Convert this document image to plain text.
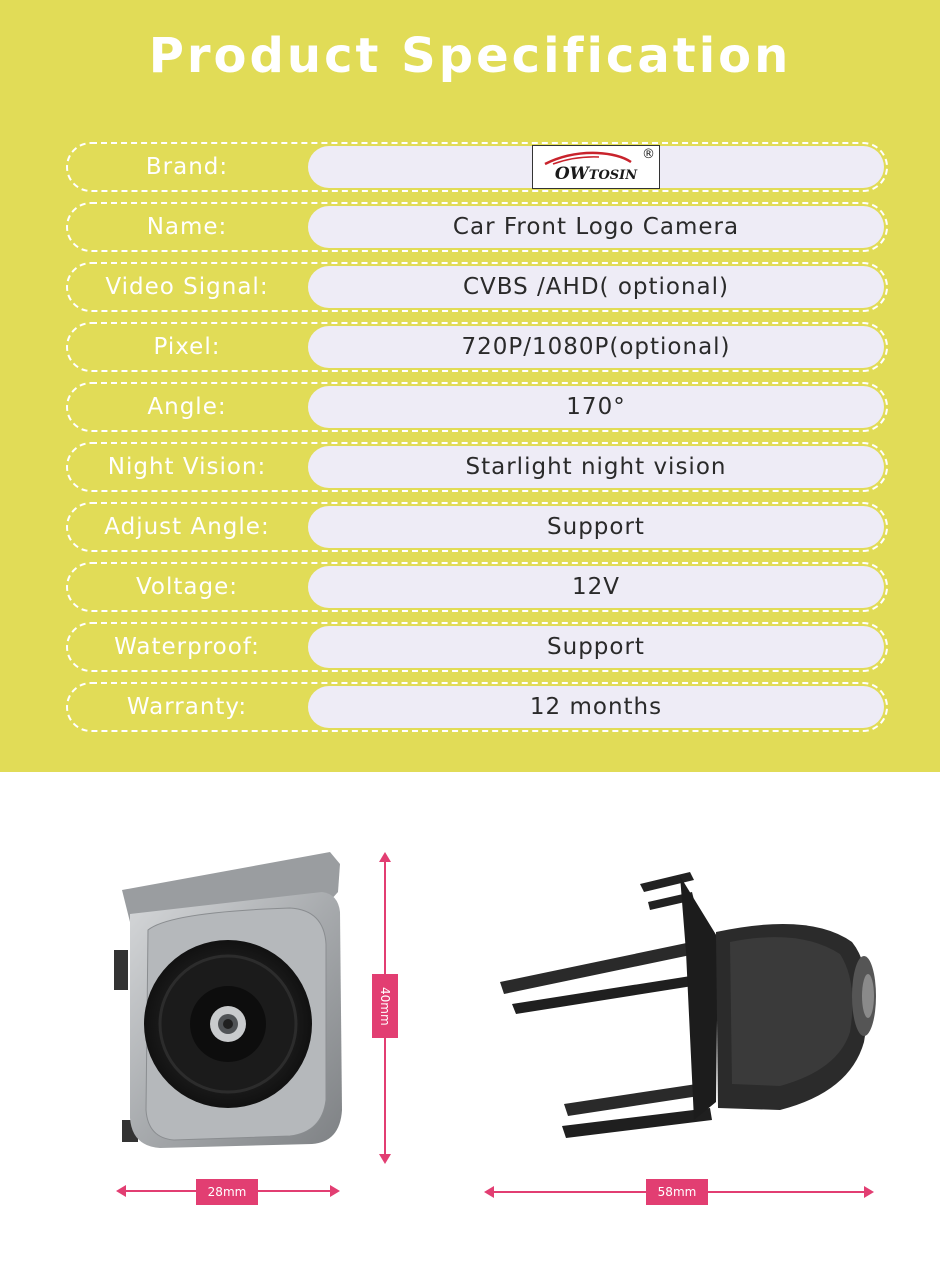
Product Specification
Brand:	OW TOSIN
®
Name:	Car Front Logo Camera
Video Signal:	CVBS /AHD( optional)
Pixel:	720P/1080P(optional)
Angle:	170°
Night Vision:	Starlight night vision
Adjust Angle:	Support
Voltage:	12V
Waterproof:	Support
Warranty:	12 months
40mm
28mm	58mm
